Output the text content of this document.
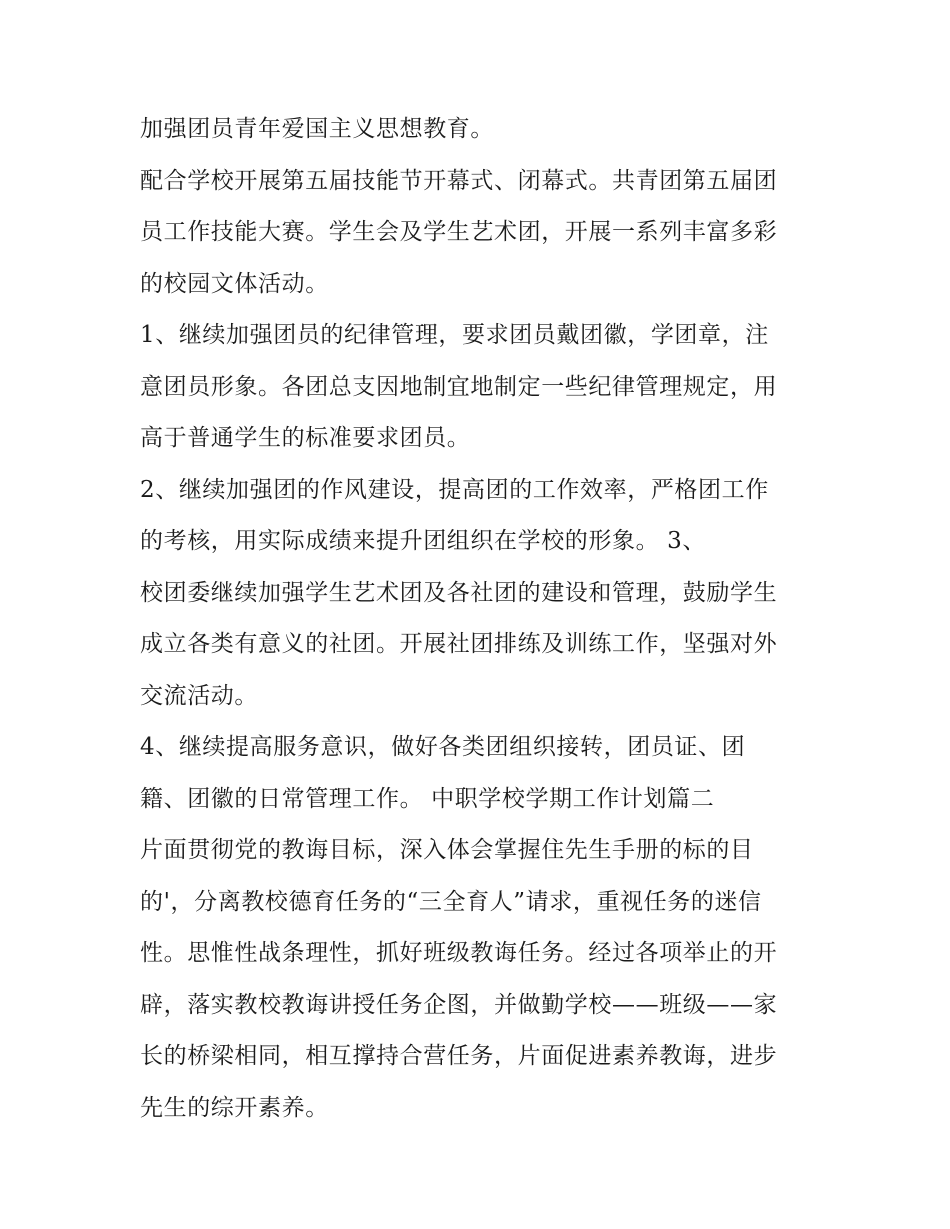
加强团员青年爱国主义思想教育。
配合学校开展第五届技能节开幕式、闭幕式。共青团第五届团
员工作技能大赛。学生会及学生艺术团，开展一系列丰富多彩
的校园文体活动。
1、继续加强团员的纪律管理，要求团员戴团徽，学团章，注
意团员形象。各团总支因地制宜地制定一些纪律管理规定，用
高于普通学生的标准要求团员。
2、继续加强团的作风建设，提高团的工作效率，严格团工作
的考核，用实际成绩来提升团组织在学校的形象。 3、
校团委继续加强学生艺术团及各社团的建设和管理，鼓励学生
成立各类有意义的社团。开展社团排练及训练工作，坚强对外
交流活动。
4、继续提高服务意识，做好各类团组织接转，团员证、团
籍、团徽的日常管理工作。 中职学校学期工作计划篇二
片面贯彻党的教诲目标，深入体会掌握住先生手册的标的目
的'，分离教校德育任务的“三全育人”请求，重视任务的迷信
性。思惟性战条理性，抓好班级教诲任务。经过各项举止的开
辟，落实教校教诲讲授任务企图，并做勤学校——班级——家
长的桥梁相同，相互撑持合营任务，片面促进素养教诲，进步
先生的综开素养。
